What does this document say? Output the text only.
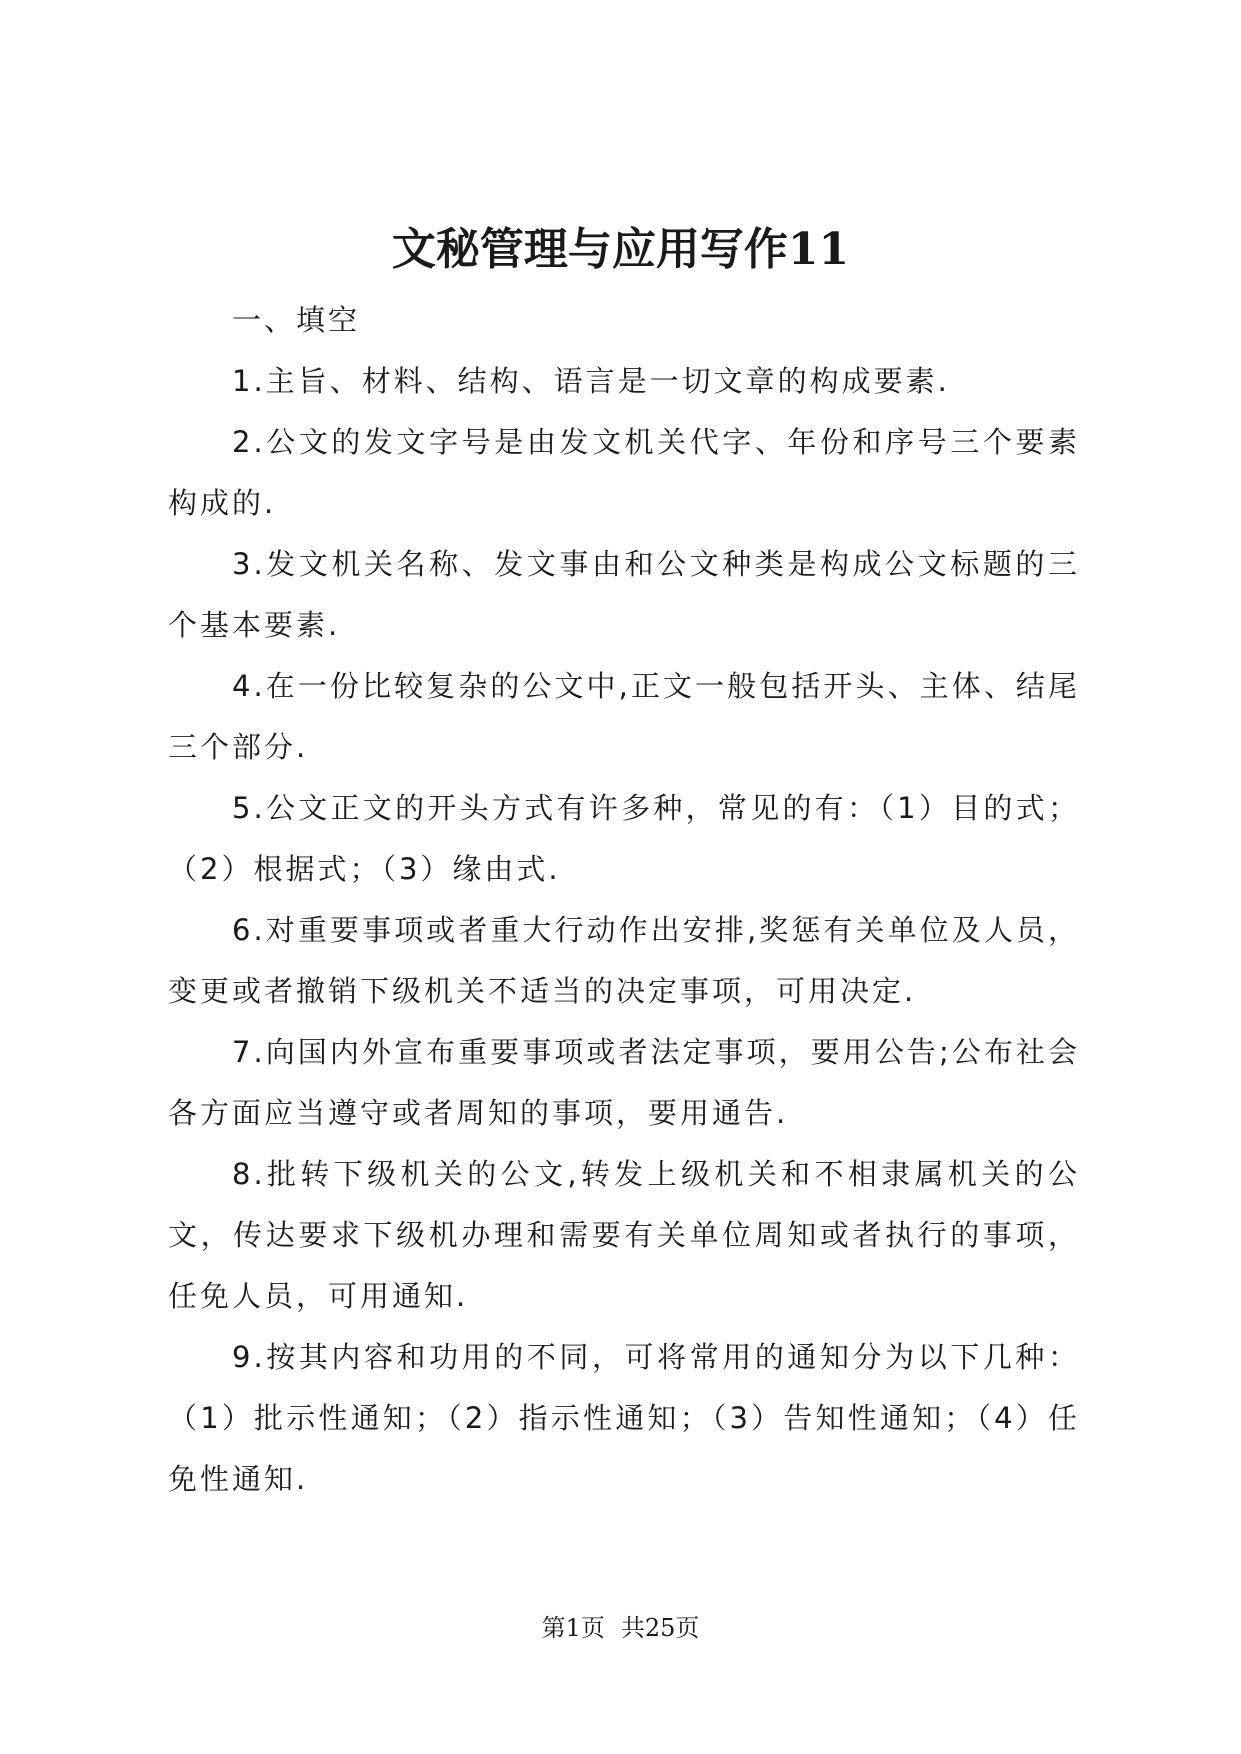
文秘管理与应用写作11

一、填空

1.主旨、材料、结构、语言是一切文章的构成要素.

2.公文的发文字号是由发文机关代字、年份和序号三个要素构成的.

3.发文机关名称、发文事由和公文种类是构成公文标题的三个基本要素.

4.在一份比较复杂的公文中,正文一般包括开头、主体、结尾三个部分.

5.公文正文的开头方式有许多种，常见的有：（1）目的式；（2）根据式；（3）缘由式.

6.对重要事项或者重大行动作出安排,奖惩有关单位及人员，变更或者撤销下级机关不适当的决定事项，可用决定.

7.向国内外宣布重要事项或者法定事项，要用公告;公布社会各方面应当遵守或者周知的事项，要用通告.

8.批转下级机关的公文,转发上级机关和不相隶属机关的公文，传达要求下级机办理和需要有关单位周知或者执行的事项，任免人员，可用通知.

9.按其内容和功用的不同，可将常用的通知分为以下几种：（1）批示性通知；（2）指示性通知；（3）告知性通知；（4）任免性通知.

第1页 共25页
